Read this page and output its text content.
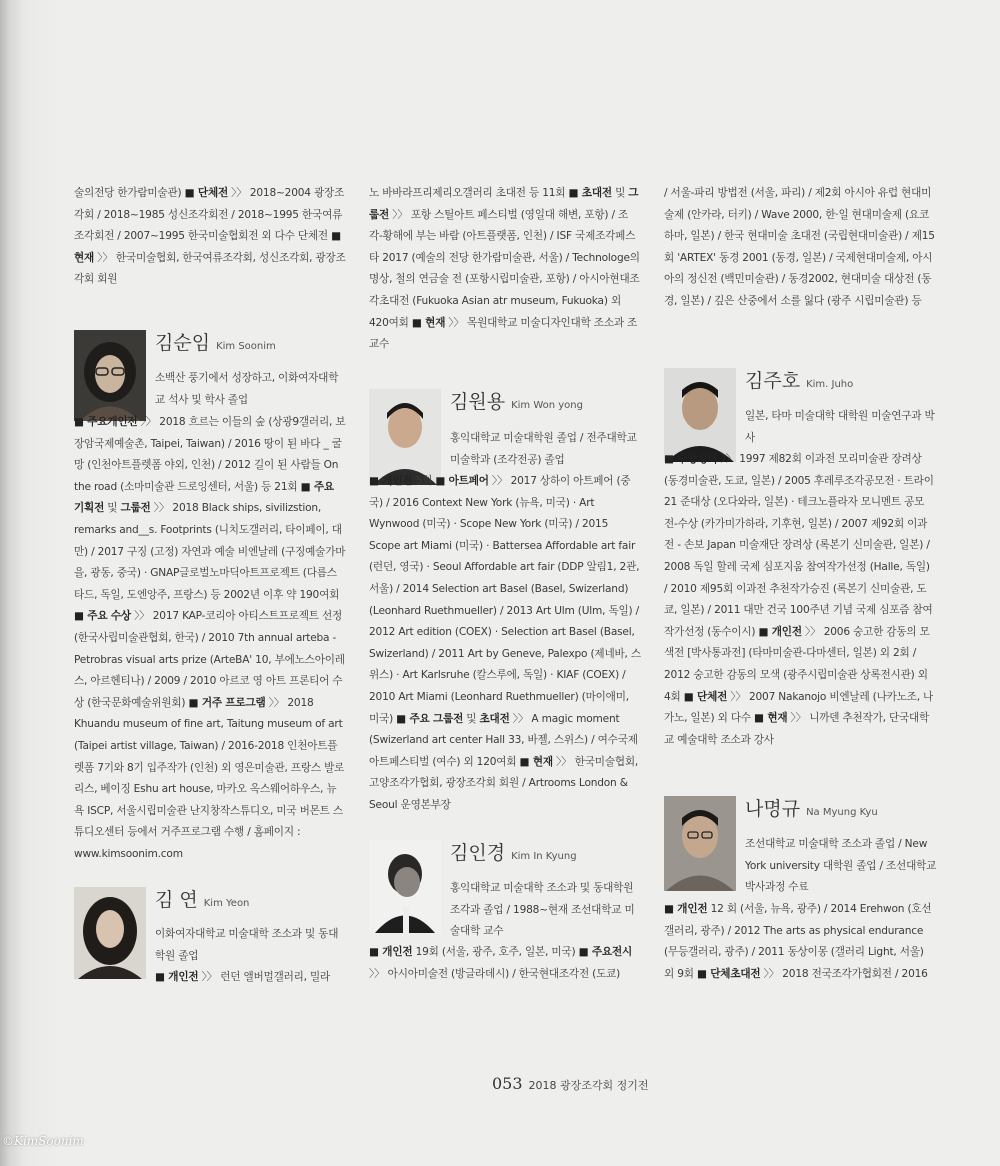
술의전당 한가람미술관) ■ 단체전 〉〉 2018~2004 광장조각회 / 2018~1985 성신조각회전 / 2018~1995 한국여류조각회전 / 2007~1995 한국미술협회전 외 다수 단체전 ■ 현재 〉〉 한국미술협회, 한국여류조각회, 성신조각회, 광장조각회 회원

김순임 Kim Soonim

소백산 풍기에서 성장하고, 이화여자대학교 석사 및 학사 졸업

■ 주요개인전 〉〉 2018 흐르는 이들의 숲 (상광9갤러리, 보장암국제예술촌, Taipei, Taiwan) / 2016 땅이 된 바다 _ 굴망 (인천아트플렛폼 야외, 인천) / 2012 길이 된 사람들 On the road (소마미술관 드로잉센터, 서울) 등 21회 ■ 주요 기획전 및 그룹전 〉〉 2018 Black ships, sivilizstion, remarks and__s. Footprints (니치도갤러리, 타이페이, 대만) / 2017 구징 (고정) 자연과 예술 비엔날레 (구징예술가마을, 광동, 중국) · GNAP글로벌노마딕아트프로젝트 (다름스타드, 독일, 도엔앙주, 프랑스) 등 2002년 이후 약 190여회 ■ 주요 수상 〉〉 2017 KAP-코리아 아티스트프로젝트 선정 (한국사립미술관협회, 한국) / 2010 7th annual arteba - Petrobras visual arts prize (ArteBA' 10, 부에노스아이레스, 아르헨티나) / 2009 / 2010 아르코 영 아트 프론티어 수상 (한국문화예술위원회) ■ 거주 프로그램 〉〉 2018 Khuandu museum of fine art, Taitung museum of art (Taipei artist village, Taiwan) / 2016-2018 인천아트플렛폼 7기와 8기 입주작가 (인천) 외 영은미술관, 프랑스 발로리스, 베이징 Eshu art house, 마카오 옥스웨어하우스, 뉴욕 ISCP, 서울시립미술관 난지창작스튜디오, 미국 버몬트 스튜디오센터 등에서 거주프로그램 수행 / 홈페이지 : www.kimsoonim.com

김 연 Kim Yeon

이화여자대학교 미술대학 조소과 및 동대학원 졸업

■ 개인전 〉〉 런던 앨버멀갤러리, 밀라

노 바바라프리제리오갤러리 초대전 등 11회 ■ 초대전 및 그룹전 〉〉 포항 스틸아트 페스티벌 (영일대 해변, 포항) / 조각-황해에 부는 바람 (아트플랫폼, 인천) / ISF 국제조각페스타 2017 (예술의 전당 한가람미술관, 서울) / Technologe의 명상, 철의 연금술 전 (포항시립미술관, 포항) / 아시아현대조각초대전 (Fukuoka Asian atr museum, Fukuoka) 외 420여회 ■ 현재 〉〉 목원대학교 미술디자인대학 조소과 조교수

김원용 Kim Won yong

홍익대학교 미술대학원 졸업 / 전주대학교 미술학과 (조각전공) 졸업

■ 개인전 5회 ■ 아트페어 〉〉 2017 상하이 아트페어 (중국) / 2016 Context New York (뉴욕, 미국) · Art Wynwood (미국) · Scope New York (미국) / 2015 Scope art Miami (미국) · Battersea Affordable art fair (런던, 영국) · Seoul Affordable art fair (DDP 알림1, 2관, 서울) / 2014 Selection art Basel (Basel, Swizerland) (Leonhard Ruethmueller) / 2013 Art Ulm (Ulm, 독일) / 2012 Art edition (COEX) · Selection art Basel (Basel, Swizerland) / 2011 Art by Geneve, Palexpo (제네바, 스위스) · Art Karlsruhe (칼스루에, 독일) · KIAF (COEX) / 2010 Art Miami (Leonhard Ruethmueller) (마이애미, 미국) ■ 주요 그룹전 및 초대전 〉〉 A magic moment (Swizerland art center Hall 33, 바젤, 스위스) / 여수국제아트페스티벌 (여수) 외 120여회 ■ 현재 〉〉 한국미술협회, 고양조각가협회, 광장조각회 회원 / Artrooms London & Seoul 운영본부장

김인경 Kim In Kyung

홍익대학교 미술대학 조소과 및 동대학원 조각과 졸업 / 1988~현재 조선대학교 미술대학 교수

■ 개인전 19회 (서울, 광주, 호주, 일본, 미국) ■ 주요전시 〉〉 아시아미술전 (방글라데시) / 한국현대조각전 (도쿄)

/ 서울-파리 방법전 (서울, 파리) / 제2회 아시아 유럽 현대미술제 (안카라, 터키) / Wave 2000, 한·일 현대미술제 (요코하마, 일본) / 한국 현대미술 초대전 (국립현대미술관) / 제15회 'ARTEX' 동경 2001 (동경, 일본) / 국제현대미술제, 아시아의 정신전 (백민미술관) / 동경2002, 현대미술 대상전 (동경, 일본) / 깊은 산중에서 소를 잃다 (광주 시립미술관) 등

김주호 Kim. Juho

일본, 타마 미술대학 대학원 미술연구과 박사

■ 수상경력 〉〉 1997 제82회 이과전 모리미술관 장려상 (동경미술관, 도쿄, 일본) / 2005 후레루조각공모전 · 트라이 21 준대상 (오다와라, 일본) · 테크노플라자 모니멘트 공모전-수상 (카가미가하라, 기후현, 일본) / 2007 제92회 이과전 - 손보 Japan 미술재단 장려상 (록본기 신미술관, 일본) / 2008 독일 할레 국제 심포지움 참여작가선정 (Halle, 독일) / 2010 제95회 이과전 추천작가승진 (록본기 신미술관, 도쿄, 일본) / 2011 대만 건국 100주년 기념 국제 심포즘 참여작가선정 (동수이시) ■ 개인전 〉〉 2006 숭고한 감동의 모색전 [박사통과전] (타마미술관-다마센터, 일본) 외 2회 / 2012 숭고한 감동의 모색 (광주시립미술관 상록전시관) 외 4회 ■ 단체전 〉〉 2007 Nakanojo 비엔날레 (나카노조, 나가노, 일본) 외 다수 ■ 현재 〉〉 니까덴 추천작가, 단국대학교 예술대학 조소과 강사

나명규 Na Myung Kyu

조선대학교 미술대학 조소과 졸업 / New York university 대학원 졸업 / 조선대학교 박사과정 수료

■ 개인전 12 회 (서울, 뉴욕, 광주) / 2014 Erehwon (호선갤러리, 광주) / 2012 The arts as physical endurance (무등갤러리, 광주) / 2011 동상이몽 (갤러리 Light, 서울) 외 9회 ■ 단체초대전 〉〉 2018 전국조각가협회전 / 2016

053 2018 광장조각회 정기전
©KimSoonim
